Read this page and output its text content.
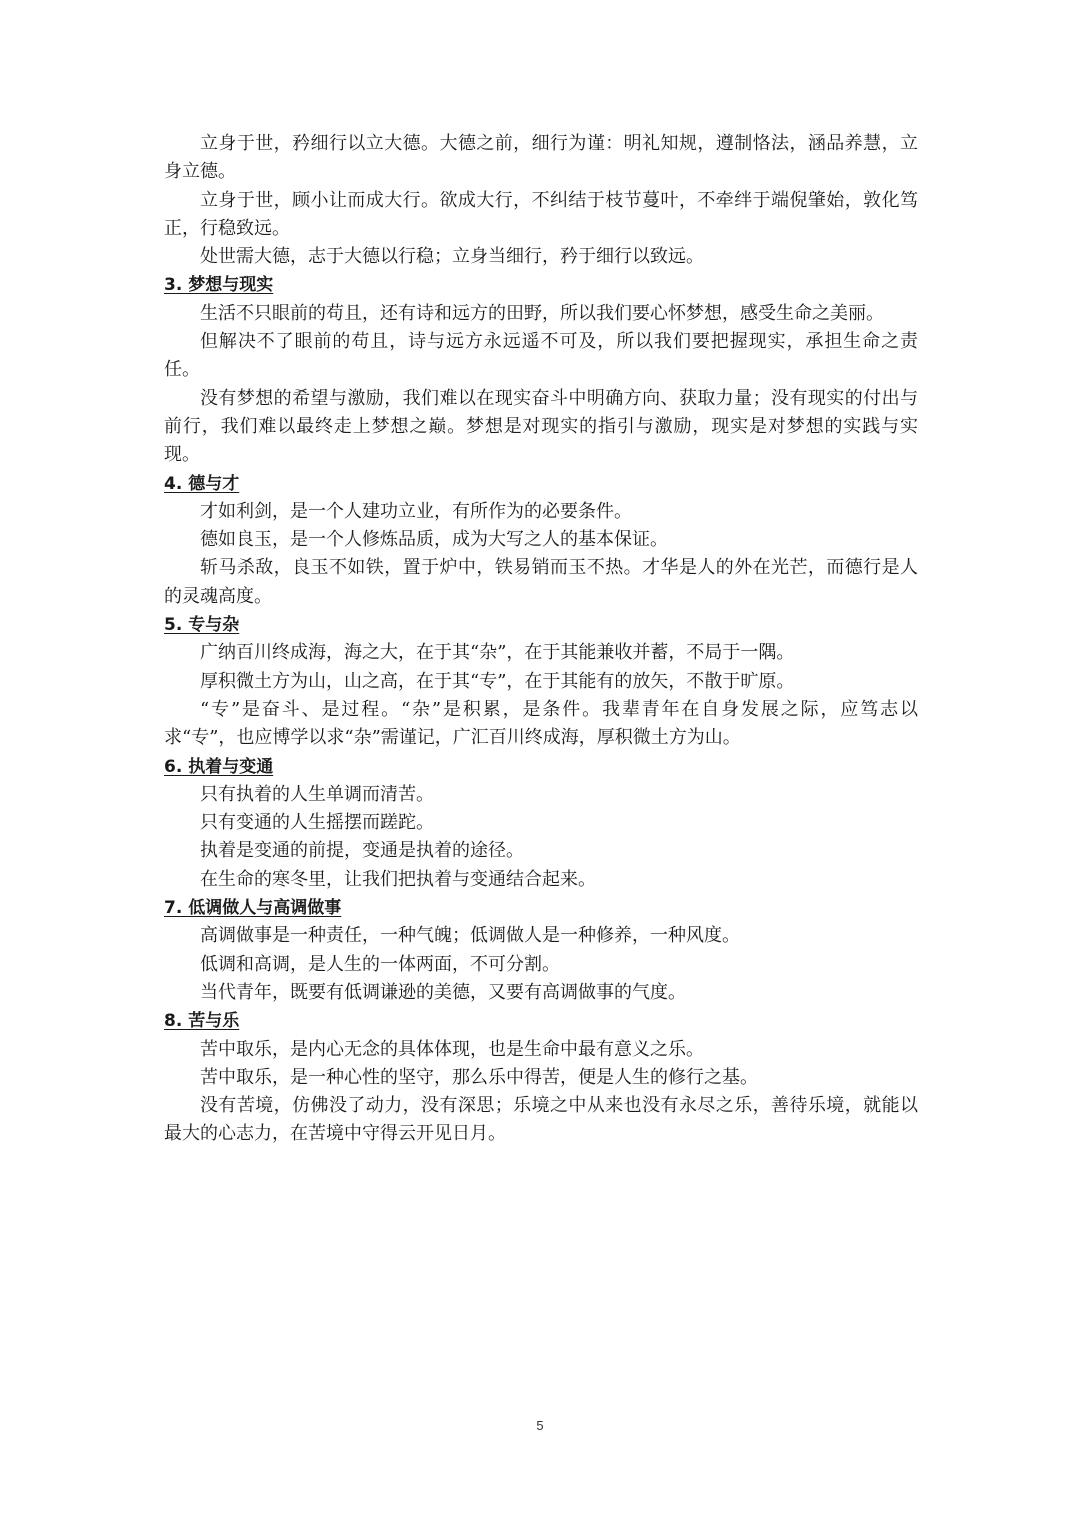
立身于世，矜细行以立大德。大德之前，细行为谨：明礼知规，遵制恪法，涵品养慧，立身立德。

立身于世，顾小让而成大行。欲成大行，不纠结于枝节蔓叶，不牵绊于端倪肇始，敦化笃正，行稳致远。

处世需大德，志于大德以行稳；立身当细行，矜于细行以致远。

3. 梦想与现实

生活不只眼前的苟且，还有诗和远方的田野，所以我们要心怀梦想，感受生命之美丽。

但解决不了眼前的苟且，诗与远方永远遥不可及，所以我们要把握现实，承担生命之责任。

没有梦想的希望与激励，我们难以在现实奋斗中明确方向、获取力量；没有现实的付出与前行，我们难以最终走上梦想之巅。梦想是对现实的指引与激励，现实是对梦想的实践与实现。

4. 德与才

才如利剑，是一个人建功立业，有所作为的必要条件。

德如良玉，是一个人修炼品质，成为大写之人的基本保证。

斩马杀敌，良玉不如铁，置于炉中，铁易销而玉不热。才华是人的外在光芒，而德行是人的灵魂高度。

5. 专与杂

广纳百川终成海，海之大，在于其“杂”，在于其能兼收并蓄，不局于一隅。

厚积微土方为山，山之高，在于其“专”，在于其能有的放矢，不散于旷原。

“专”是奋斗、是过程。“杂”是积累，是条件。我辈青年在自身发展之际，应笃志以求“专”，也应博学以求“杂”需谨记，广汇百川终成海，厚积微土方为山。

6. 执着与变通

只有执着的人生单调而清苦。

只有变通的人生摇摆而蹉跎。

执着是变通的前提，变通是执着的途径。

在生命的寒冬里，让我们把执着与变通结合起来。

7. 低调做人与高调做事

高调做事是一种责任，一种气魄；低调做人是一种修养，一种风度。

低调和高调，是人生的一体两面，不可分割。

当代青年，既要有低调谦逊的美德，又要有高调做事的气度。

8. 苦与乐

苦中取乐，是内心无念的具体体现，也是生命中最有意义之乐。

苦中取乐，是一种心性的坚守，那么乐中得苦，便是人生的修行之基。

没有苦境，仿佛没了动力，没有深思；乐境之中从来也没有永尽之乐，善待乐境，就能以最大的心志力，在苦境中守得云开见日月。

5
